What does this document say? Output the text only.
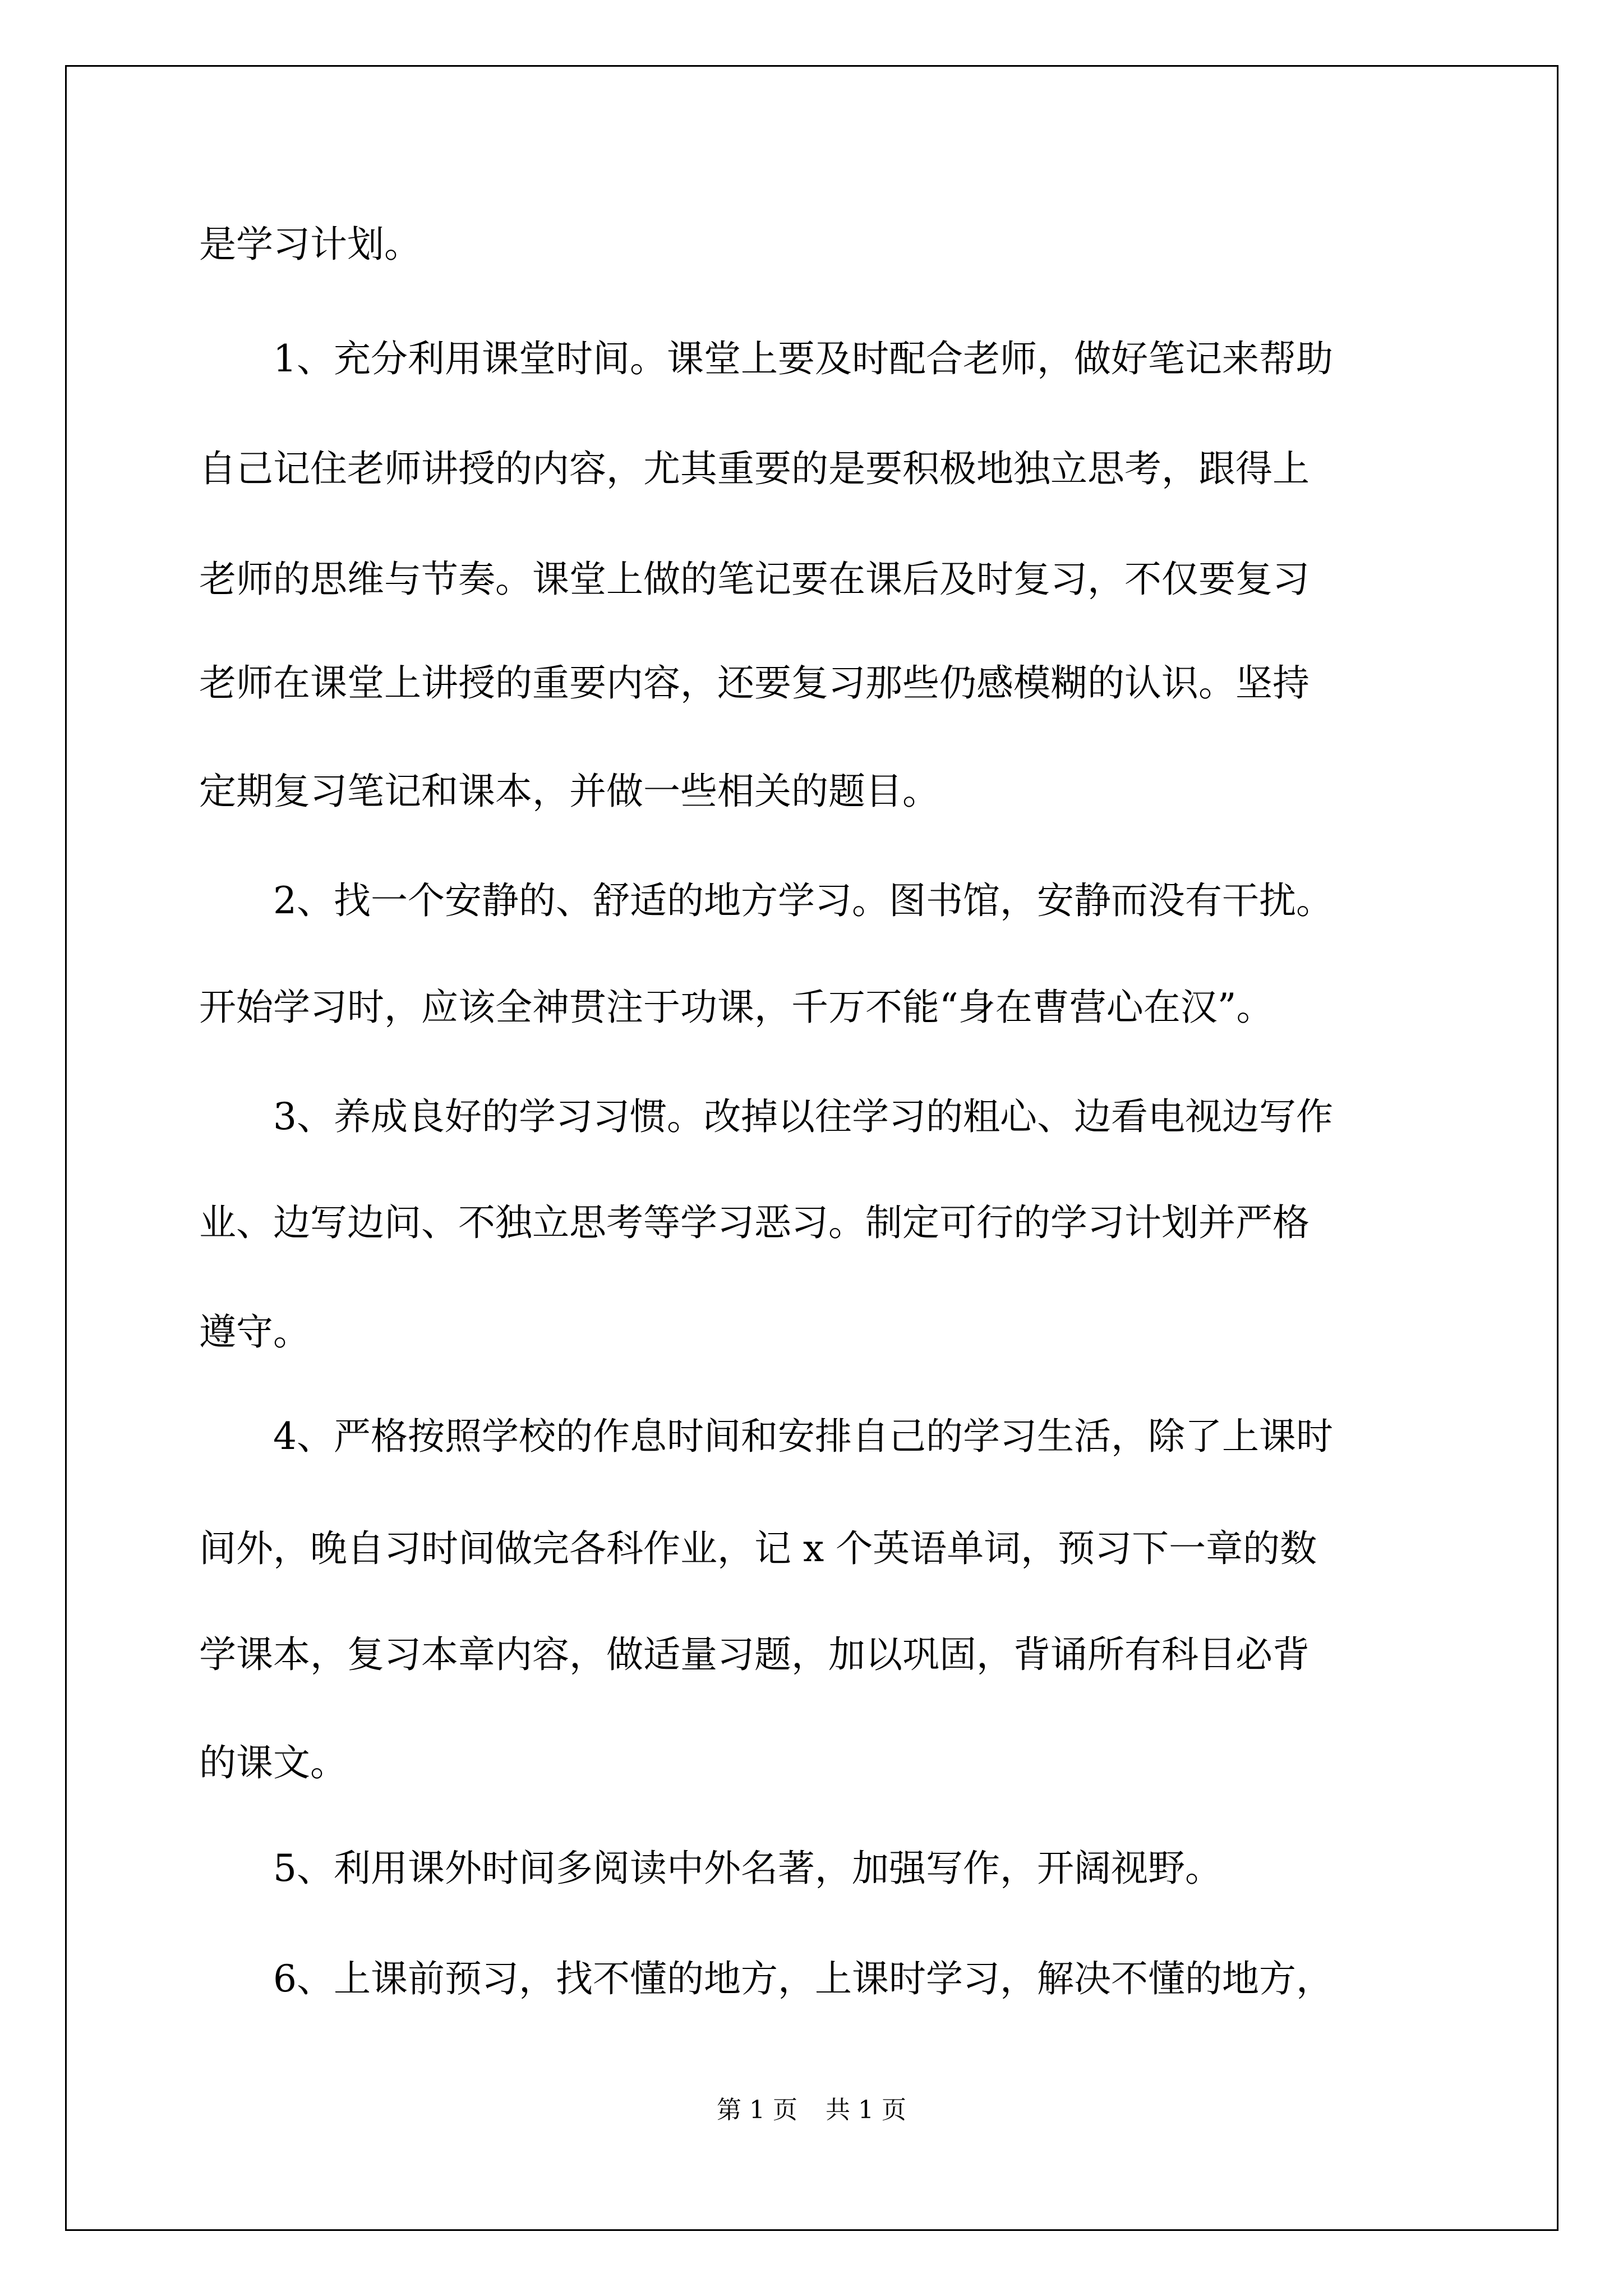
是学习计划。
1、充分利用课堂时间。课堂上要及时配合老师，做好笔记来帮助
自己记住老师讲授的内容，尤其重要的是要积极地独立思考，跟得上
老师的思维与节奏。课堂上做的笔记要在课后及时复习，不仅要复习
老师在课堂上讲授的重要内容，还要复习那些仍感模糊的认识。坚持
定期复习笔记和课本，并做一些相关的题目。
2、找一个安静的、舒适的地方学习。图书馆，安静而没有干扰。
开始学习时，应该全神贯注于功课，千万不能“身在曹营心在汉”。
3、养成良好的学习习惯。改掉以往学习的粗心、边看电视边写作
业、边写边问、不独立思考等学习恶习。制定可行的学习计划并严格
遵守。
4、严格按照学校的作息时间和安排自己的学习生活，除了上课时
间外，晚自习时间做完各科作业，记 x 个英语单词，预习下一章的数
学课本，复习本章内容，做适量习题，加以巩固，背诵所有科目必背
的课文。
5、利用课外时间多阅读中外名著，加强写作，开阔视野。
6、上课前预习，找不懂的地方，上课时学习，解决不懂的地方，
第 1 页 共 1 页
